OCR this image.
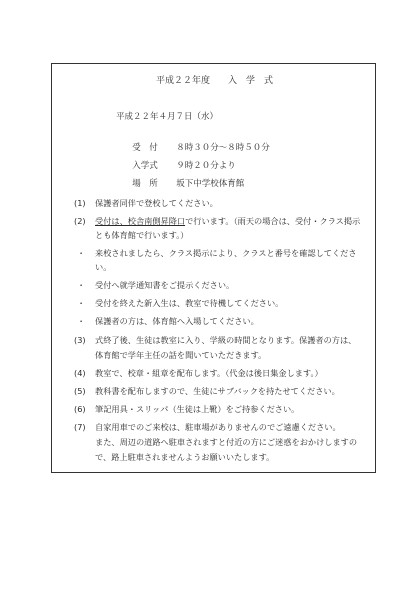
平成２２年度　　入　学　式
平成２２年４月７日（水）

受　付 ８時３０分～８時５０分

入学式 ９時２０分より

場　所 坂下中学校体育館

(1) 保護者同伴で登校してください。
(2) 受付は、校舎南側昇降口で行います。（雨天の場合は、受付・クラス掲示
とも体育館で行います。）
・ 来校されましたら、クラス掲示により、クラスと番号を確認してくださ
い。
・ 受付へ就学通知書をご提示ください。
・ 受付を終えた新入生は、教室で待機してください。
・ 保護者の方は、体育館へ入場してください。
(3) 式終了後、生徒は教室に入り、学級の時間となります。保護者の方は、
体育館で学年主任の話を聞いていただきます。
(4) 教室で、校章・組章を配布します。（代金は後日集金します。）
(5) 教科書を配布しますので、生徒にサブバックを持たせてください。
(6) 筆記用具・スリッパ（生徒は上靴）をご持参ください。
(7) 自家用車でのご来校は、駐車場がありませんのでご遠慮ください。
また、周辺の道路へ駐車されますと付近の方にご迷惑をおかけしますの
で、路上駐車されませんようお願いいたします。
